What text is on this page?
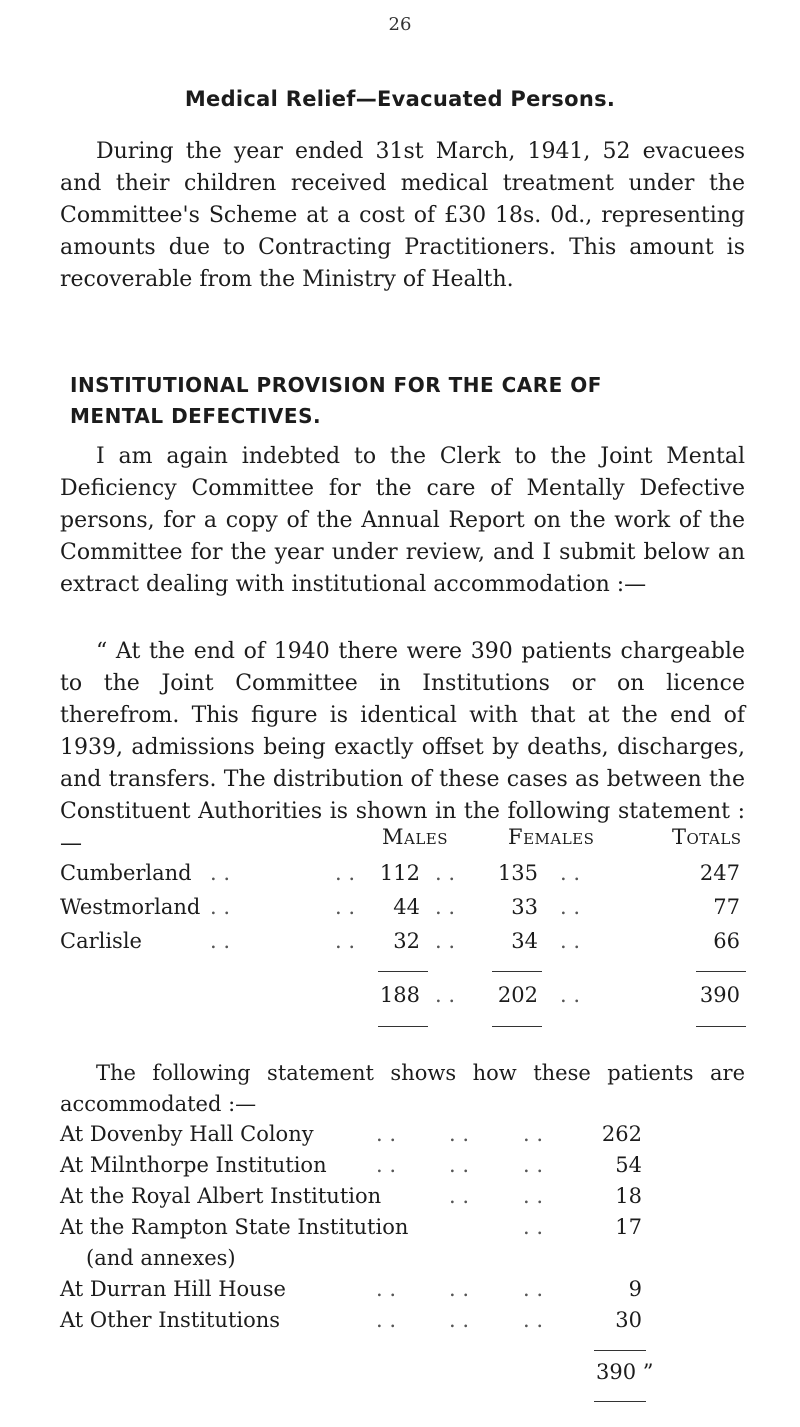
26
Medical Relief—Evacuated Persons.
During the year ended 31st March, 1941, 52 evacuees and their children received medical treatment under the Committee's Scheme at a cost of £30 18s. 0d., representing amounts due to Contracting Practitioners. This amount is recoverable from the Ministry of Health.
INSTITUTIONAL PROVISION FOR THE CARE OF
MENTAL DEFECTIVES.
I am again indebted to the Clerk to the Joint Mental Deficiency Committee for the care of Mentally Defective persons, for a copy of the Annual Report on the work of the Committee for the year under review, and I submit below an extract dealing with institutional accommodation :—
“ At the end of 1940 there were 390 patients chargeable to the Joint Committee in Institutions or on licence therefrom. This figure is identical with that at the end of 1939, admissions being exactly offset by deaths, discharges, and transfers. The distribution of these cases as between the Constituent Authorities is shown in the following statement :—	Males	Females	Totals
Cumberland . .	. .	112 . .	135 . .	247
Westmorland . .	. .	44 . .	33 . .	77
Carlisle	. .	. .	32 . .	34 . .	66
188 . .	202 . .	390
The following statement shows how these patients are accommodated :—
At Dovenby Hall Colony	. .	. .	. .	262
At Milnthorpe Institution . .	. .	. .	54
At the Royal Albert Institution	. .	. .	18
At the Rampton State Institution	. .	17
(and annexes)
At Durran Hill House	. .	. .	. .	9
At Other Institutions	. .	. .	. .	30
390 ”
